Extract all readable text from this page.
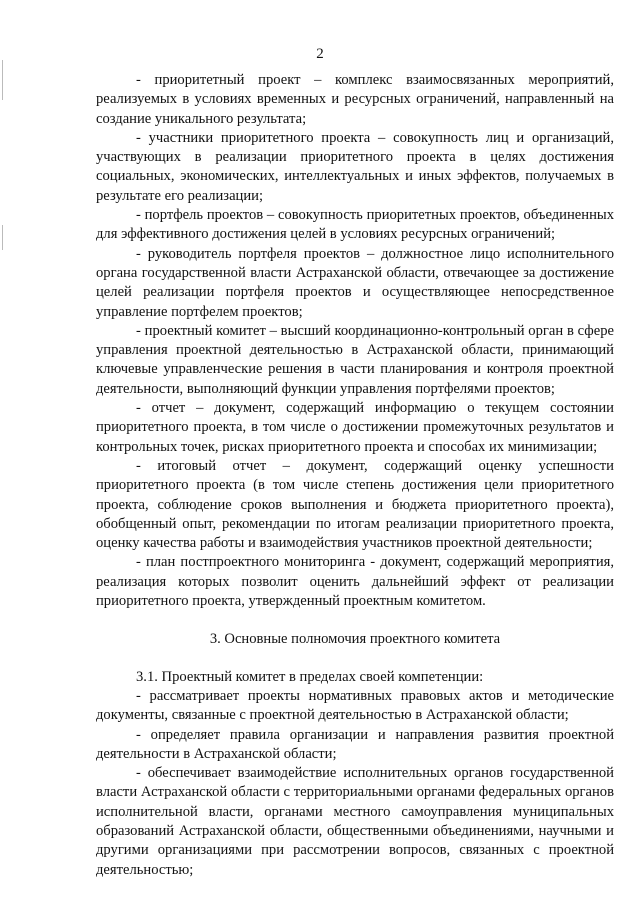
2

- приоритетный проект – комплекс взаимосвязанных мероприятий, реализуемых в условиях временных и ресурсных ограничений, направленный на создание уникального результата;

- участники приоритетного проекта – совокупность лиц и организаций, участвующих в реализации приоритетного проекта в целях достижения социальных, экономических, интеллектуальных и иных эффектов, получаемых в результате его реализации;

- портфель проектов – совокупность приоритетных проектов, объединенных для эффективного достижения целей в условиях ресурсных ограничений;

- руководитель портфеля проектов – должностное лицо исполнительного органа государственной власти Астраханской области, отвечающее за достижение целей реализации портфеля проектов и осуществляющее непосредственное управление портфелем проектов;

- проектный комитет – высший координационно-контрольный орган в сфере управления проектной деятельностью в Астраханской области, принимающий ключевые управленческие решения в части планирования и контроля проектной деятельности, выполняющий функции управления портфелями проектов;

- отчет – документ, содержащий информацию о текущем состоянии приоритетного проекта, в том числе о достижении промежуточных результатов и контрольных точек, рисках приоритетного проекта и способах их минимизации;

- итоговый отчет – документ, содержащий оценку успешности приоритетного проекта (в том числе степень достижения цели приоритетного проекта, соблюдение сроков выполнения и бюджета приоритетного проекта), обобщенный опыт, рекомендации по итогам реализации приоритетного проекта, оценку качества работы и взаимодействия участников проектной деятельности;

- план постпроектного мониторинга - документ, содержащий мероприятия, реализация которых позволит оценить дальнейший эффект от реализации приоритетного проекта, утвержденный проектным комитетом.

3. Основные полномочия проектного комитета

3.1. Проектный комитет в пределах своей компетенции:

- рассматривает проекты нормативных правовых актов и методические документы, связанные с проектной деятельностью в Астраханской области;

- определяет правила организации и направления развития проектной деятельности в Астраханской области;

- обеспечивает взаимодействие исполнительных органов государственной власти Астраханской области с территориальными органами федеральных органов исполнительной власти, органами местного самоуправления муниципальных образований Астраханской области, общественными объединениями, научными и другими организациями при рассмотрении вопросов, связанных с проектной деятельностью;
